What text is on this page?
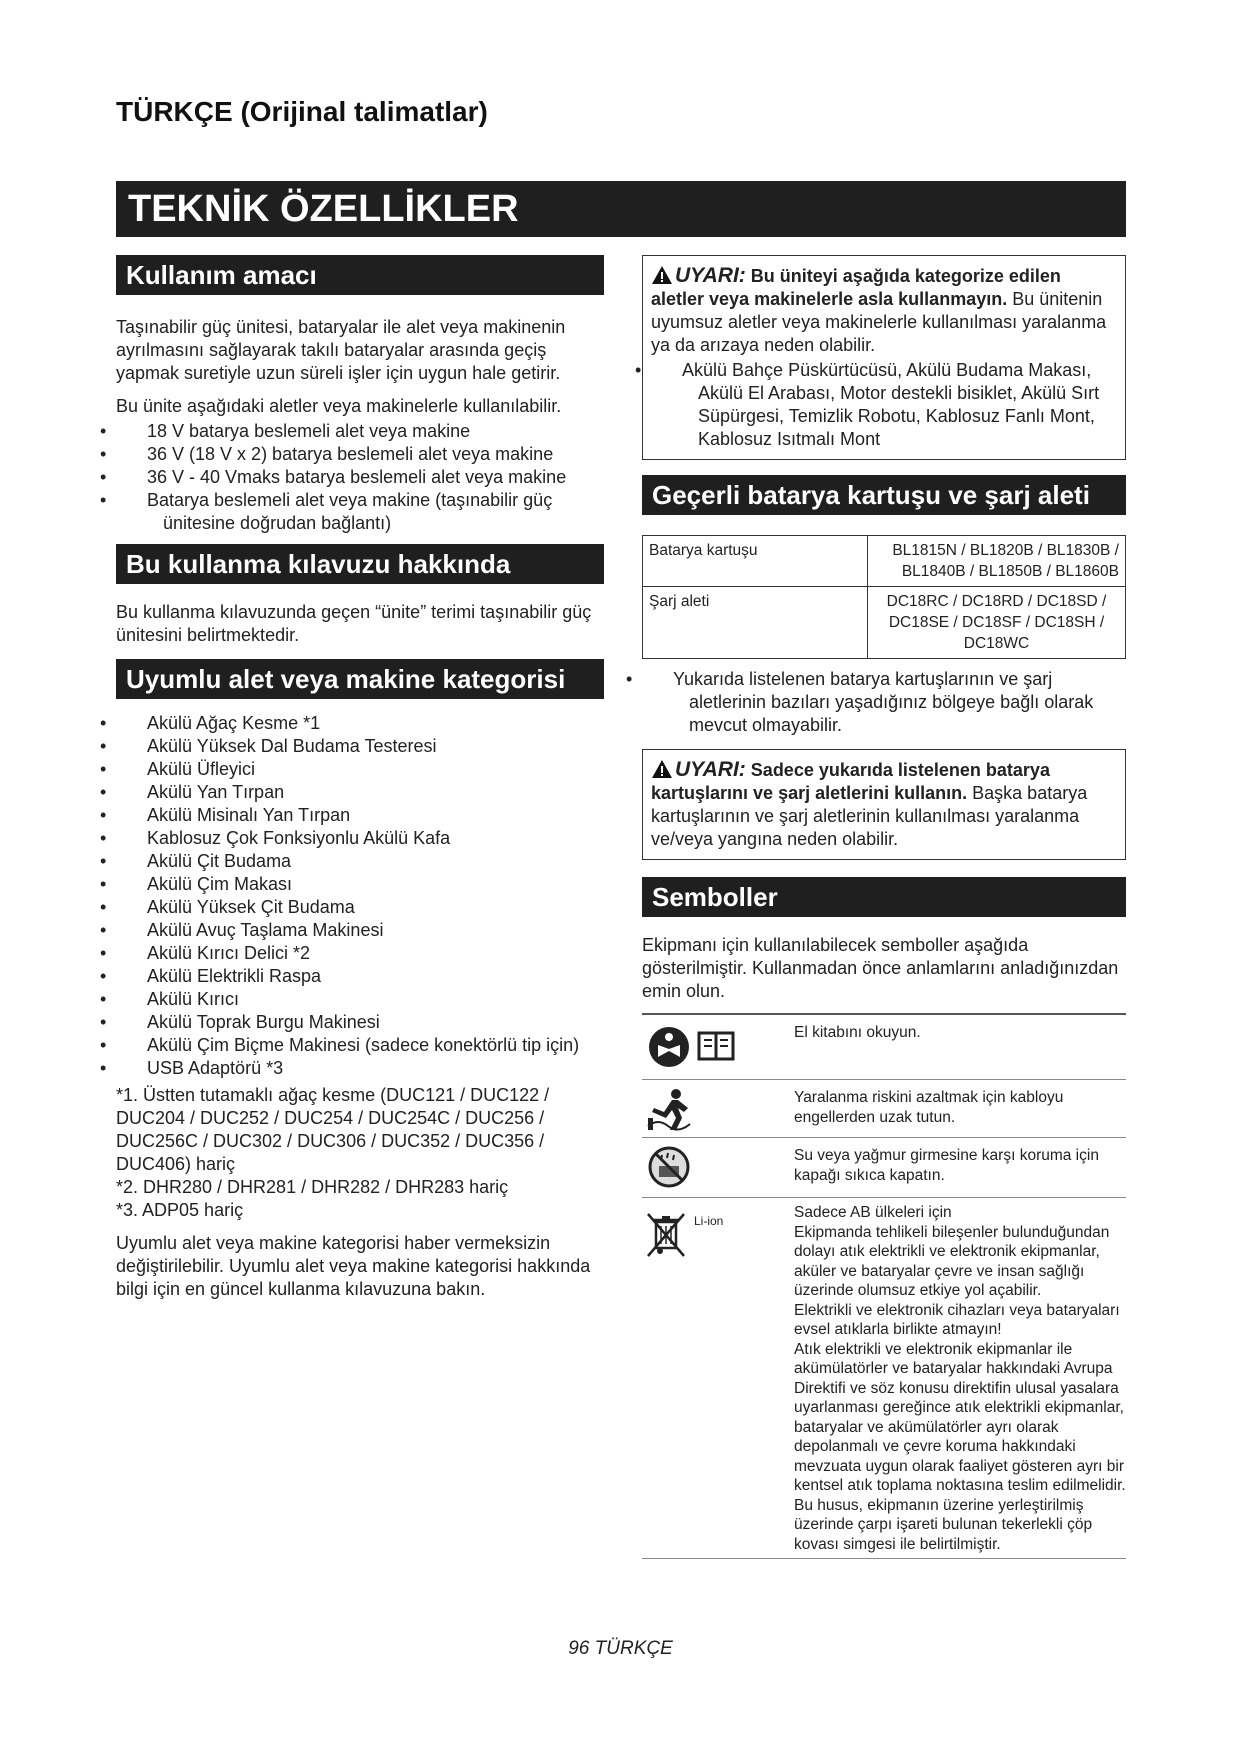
TÜRKÇE (Orijinal talimatlar)
TEKNİK ÖZELLİKLER
Kullanım amacı

Taşınabilir güç ünitesi, bataryalar ile alet veya makinenin ayrılmasını sağlayarak takılı bataryalar arasında geçiş yapmak suretiyle uzun süreli işler için uygun hale getirir.

Bu ünite aşağıdaki aletler veya makinelerle kullanılabilir.

• 18 V batarya beslemeli alet veya makine
• 36 V (18 V x 2) batarya beslemeli alet veya makine
• 36 V - 40 Vmaks batarya beslemeli alet veya makine
• Batarya beslemeli alet veya makine (taşınabilir güç ünitesine doğrudan bağlantı)
Bu kullanma kılavuzu hakkında

Bu kullanma kılavuzunda geçen “ünite” terimi taşınabilir güç ünitesini belirtmektedir.

Uyumlu alet veya makine kategorisi
• Akülü Ağaç Kesme *1
• Akülü Yüksek Dal Budama Testeresi
• Akülü Üfleyici
• Akülü Yan Tırpan
• Akülü Misinalı Yan Tırpan
• Kablosuz Çok Fonksiyonlu Akülü Kafa
• Akülü Çit Budama
• Akülü Çim Makası
• Akülü Yüksek Çit Budama
• Akülü Avuç Taşlama Makinesi
• Akülü Kırıcı Delici *2
• Akülü Elektrikli Raspa
• Akülü Kırıcı
• Akülü Toprak Burgu Makinesi
• Akülü Çim Biçme Makinesi (sadece konektörlü tip için)
• USB Adaptörü *3

*1. Üstten tutamaklı ağaç kesme (DUC121 / DUC122 / DUC204 / DUC252 / DUC254 / DUC254C / DUC256 / DUC256C / DUC302 / DUC306 / DUC352 / DUC356 / DUC406) hariç

*2. DHR280 / DHR281 / DHR282 / DHR283 hariç

*3. ADP05 hariç

Uyumlu alet veya makine kategorisi haber vermeksizin değiştirilebilir. Uyumlu alet veya makine kategorisi hakkında bilgi için en güncel kullanma kılavuzuna bakın.

UYARI: Bu üniteyi aşağıda kategorize edilen aletler veya makinelerle asla kullanmayın. Bu ünitenin uyumsuz aletler veya makinelerle kullanılması yaralanma ya da arızaya neden olabilir.

• Akülü Bahçe Püskürtücüsü, Akülü Budama Makası, Akülü El Arabası, Motor destekli bisiklet, Akülü Sırt Süpürgesi, Temizlik Robotu, Kablosuz Fanlı Mont, Kablosuz Isıtmalı Mont
Geçerli batarya kartuşu ve şarj aleti
Batarya kartuşu	BL1815N / BL1820B / BL1830B /
BL1840B / BL1850B / BL1860B

Şarj aleti	DC18RC / DC18RD / DC18SD /
DC18SE / DC18SF / DC18SH /
DC18WC
• Yukarıda listelenen batarya kartuşlarının ve şarj aletlerinin bazıları yaşadığınız bölgeye bağlı olarak mevcut olmayabilir.

UYARI: Sadece yukarıda listelenen batarya kartuşlarını ve şarj aletlerini kullanın. Başka batarya kartuşlarının ve şarj aletlerinin kullanılması yaralanma ve/veya yangına neden olabilir.

Semboller

Ekipmanı için kullanılabilecek semboller aşağıda gösterilmiştir. Kullanmadan önce anlamlarını anladığınızdan emin olun.

El kitabını okuyun.
Yaralanma riskini azaltmak için kabloyu engellerden uzak tutun.
Su veya yağmur girmesine karşı koruma için kapağı sıkıca kapatın.
Li-ion	Sadece AB ülkeleri için
Ekipmanda tehlikeli bileşenler bulunduğundan dolayı atık elektrikli ve elektronik ekipmanlar, aküler ve bataryalar çevre ve insan sağlığı üzerinde olumsuz etkiye yol açabilir.
Elektrikli ve elektronik cihazları veya bataryaları evsel atıklarla birlikte atmayın!
Atık elektrikli ve elektronik ekipmanlar ile akümülatörler ve bataryalar hakkındaki Avrupa Direktifi ve söz konusu direktifin ulusal yasalara uyarlanması gereğince atık elektrikli ekipmanlar, bataryalar ve akümülatörler ayrı olarak depolanmalı ve çevre koruma hakkındaki mevzuata uygun olarak faaliyet gösteren ayrı bir kentsel atık toplama noktasına teslim edilmelidir.
Bu husus, ekipmanın üzerine yerleştirilmiş üzerinde çarpı işareti bulunan tekerlekli çöp kovası simgesi ile belirtilmiştir.
96 TÜRKÇE
